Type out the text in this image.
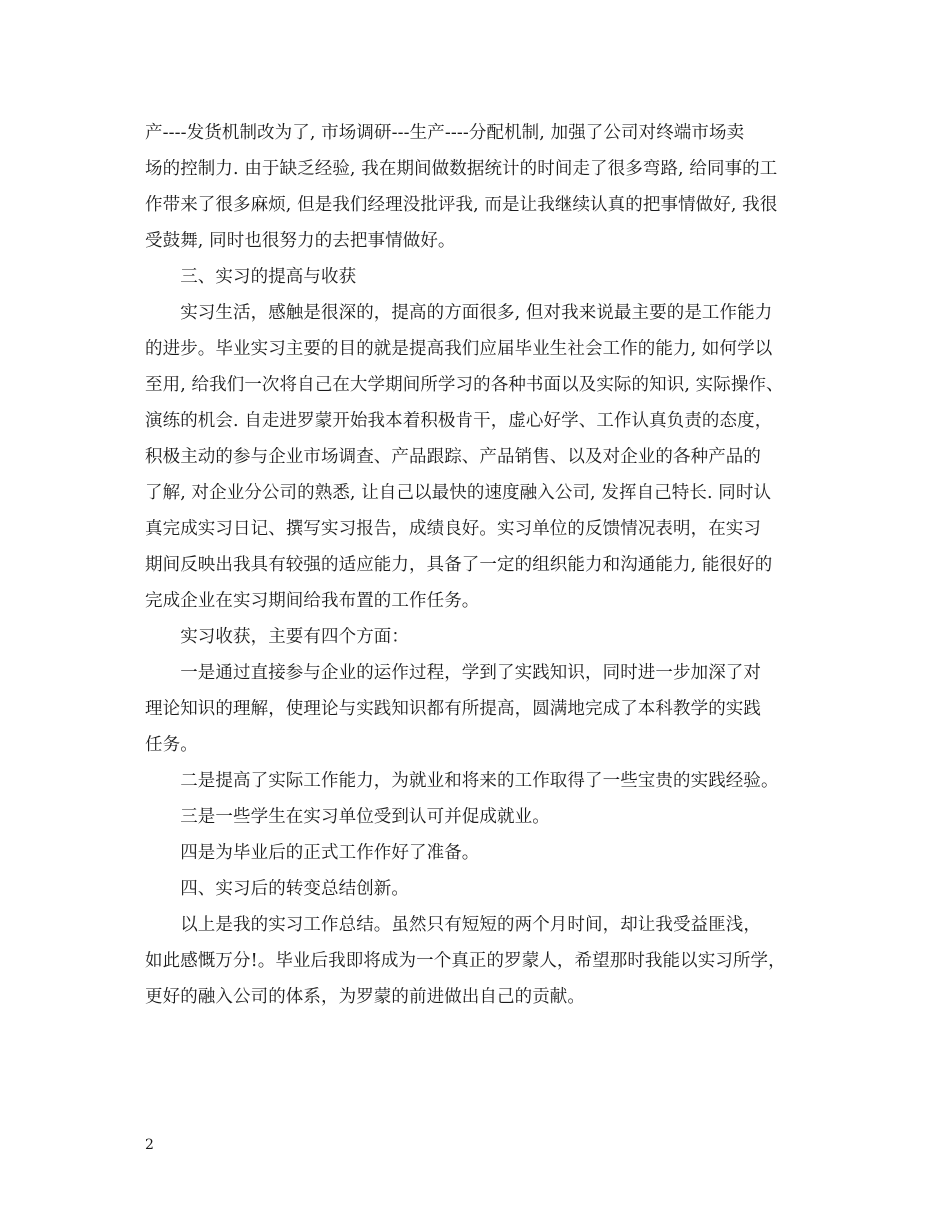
产----发货机制改为了, 市场调研---生产----分配机制, 加强了公司对终端市场卖
场的控制力. 由于缺乏经验, 我在期间做数据统计的时间走了很多弯路, 给同事的工
作带来了很多麻烦, 但是我们经理没批评我, 而是让我继续认真的把事情做好, 我很
受鼓舞, 同时也很努力的去把事情做好。
　　三、实习的提高与收获
　　实习生活，感触是很深的，提高的方面很多, 但对我来说最主要的是工作能力
的进步。毕业实习主要的目的就是提高我们应届毕业生社会工作的能力, 如何学以
至用, 给我们一次将自己在大学期间所学习的各种书面以及实际的知识, 实际操作、
演练的机会. 自走进罗蒙开始我本着积极肯干，虚心好学、工作认真负责的态度，
积极主动的参与企业市场调查、产品跟踪、产品销售、以及对企业的各种产品的
了解, 对企业分公司的熟悉, 让自己以最快的速度融入公司, 发挥自己特长. 同时认
真完成实习日记、撰写实习报告，成绩良好。实习单位的反馈情况表明，在实习
期间反映出我具有较强的适应能力，具备了一定的组织能力和沟通能力, 能很好的
完成企业在实习期间给我布置的工作任务。
　　实习收获，主要有四个方面：
　　一是通过直接参与企业的运作过程，学到了实践知识，同时进一步加深了对
理论知识的理解，使理论与实践知识都有所提高，圆满地完成了本科教学的实践
任务。
　　二是提高了实际工作能力，为就业和将来的工作取得了一些宝贵的实践经验。
　　三是一些学生在实习单位受到认可并促成就业。
　　四是为毕业后的正式工作作好了准备。
　　四、实习后的转变总结创新。
　　以上是我的实习工作总结。虽然只有短短的两个月时间，却让我受益匪浅，
如此感慨万分!。毕业后我即将成为一个真正的罗蒙人，希望那时我能以实习所学，
更好的融入公司的体系，为罗蒙的前进做出自己的贡献。
2
